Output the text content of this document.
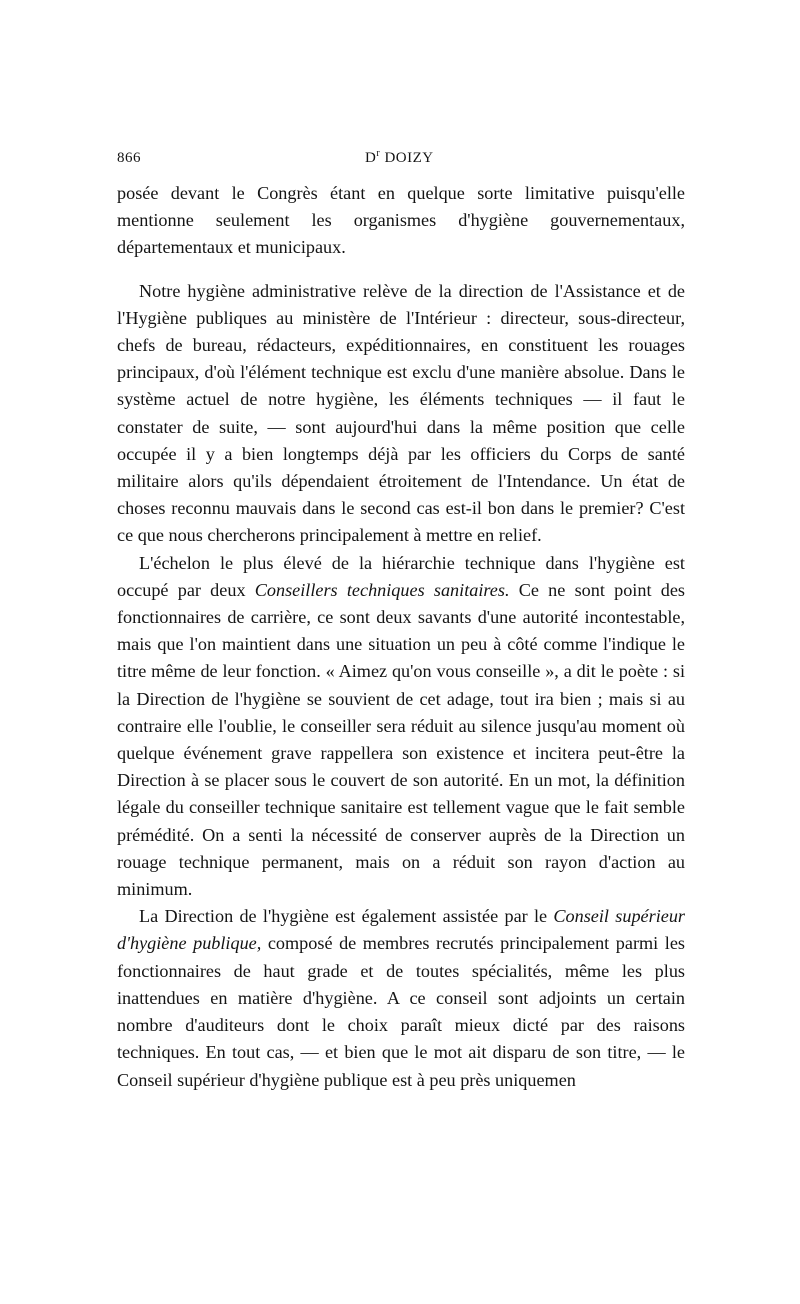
866	$D^r$ DOIZY

posée devant le Congrès étant en quelque sorte limitative puisqu'elle mentionne seulement les organismes d'hygiène gouvernementaux, départementaux et municipaux.

Notre hygiène administrative relève de la direction de l'Assistance et de l'Hygiène publiques au ministère de l'Intérieur : directeur, sous-directeur, chefs de bureau, rédacteurs, expéditionnaires, en constituent les rouages principaux, d'où l'élément technique est exclu d'une manière absolue. Dans le système actuel de notre hygiène, les éléments techniques — il faut le constater de suite, — sont aujourd'hui dans la même position que celle occupée il y a bien longtemps déjà par les officiers du Corps de santé militaire alors qu'ils dépendaient étroitement de l'Intendance. Un état de choses reconnu mauvais dans le second cas est-il bon dans le premier? C'est ce que nous chercherons principalement à mettre en relief.

L'échelon le plus élevé de la hiérarchie technique dans l'hygiène est occupé par deux Conseillers techniques sanitaires. Ce ne sont point des fonctionnaires de carrière, ce sont deux savants d'une autorité incontestable, mais que l'on maintient dans une situation un peu à côté comme l'indique le titre même de leur fonction. « Aimez qu'on vous conseille », a dit le poète : si la Direction de l'hygiène se souvient de cet adage, tout ira bien ; mais si au contraire elle l'oublie, le conseiller sera réduit au silence jusqu'au moment où quelque événement grave rappellera son existence et incitera peut-être la Direction à se placer sous le couvert de son autorité. En un mot, la définition légale du conseiller technique sanitaire est tellement vague que le fait semble prémédité. On a senti la nécessité de conserver auprès de la Direction un rouage technique permanent, mais on a réduit son rayon d'action au minimum.

La Direction de l'hygiène est également assistée par le Conseil supérieur d'hygiène publique, composé de membres recrutés principalement parmi les fonctionnaires de haut grade et de toutes spécialités, même les plus inattendues en matière d'hygiène. A ce conseil sont adjoints un certain nombre d'auditeurs dont le choix paraît mieux dicté par des raisons techniques. En tout cas, — et bien que le mot ait disparu de son titre, — le Conseil supérieur d'hygiène publique est à peu près uniquemen
